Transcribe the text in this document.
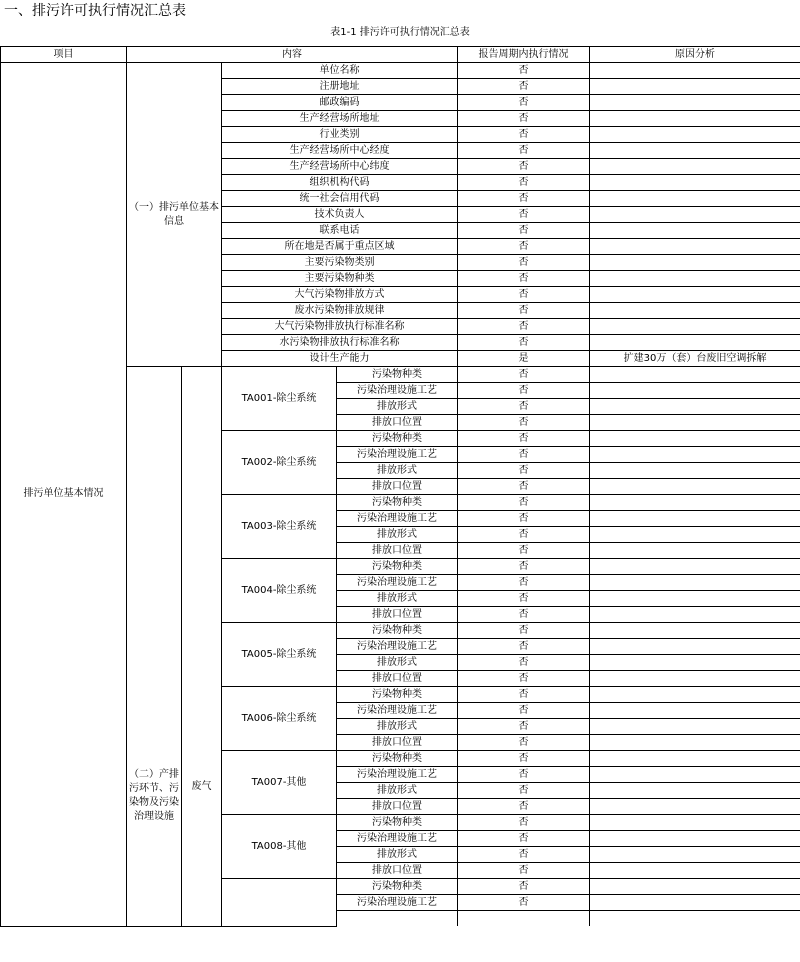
一、排污许可执行情况汇总表
表1-1 排污许可执行情况汇总表
项目	内容				报告周期内执行情况	原因分析
排污单位基本情况	（一）排污单位基本信息		单位名称		否	
			注册地址		否	
			邮政编码		否	
			生产经营场所地址		否	
			行业类别		否	
			生产经营场所中心经度		否	
			生产经营场所中心纬度		否	
			组织机构代码		否	
			统一社会信用代码		否	
			技术负责人		否	
			联系电话		否	
			所在地是否属于重点区域		否	
			主要污染物类别		否	
			主要污染物种类		否	
			大气污染物排放方式		否	
			废水污染物排放规律		否	
			大气污染物排放执行标准名称		否	
			水污染物排放执行标准名称		否	
			设计生产能力		是	扩建30万（套）台废旧空调拆解
	（二）产排污环节、污染物及污染治理设施	废气	TA001-除尘系统	污染物种类	否	
				污染治理设施工艺	否	
				排放形式	否	
				排放口位置	否	
			TA002-除尘系统	污染物种类	否	
				污染治理设施工艺	否	
				排放形式	否	
				排放口位置	否	
			TA003-除尘系统	污染物种类	否	
				污染治理设施工艺	否	
				排放形式	否	
				排放口位置	否	
			TA004-除尘系统	污染物种类	否	
				污染治理设施工艺	否	
				排放形式	否	
				排放口位置	否	
			TA005-除尘系统	污染物种类	否	
				污染治理设施工艺	否	
				排放形式	否	
				排放口位置	否	
			TA006-除尘系统	污染物种类	否	
				污染治理设施工艺	否	
				排放形式	否	
				排放口位置	否	
			TA007-其他	污染物种类	否	
				污染治理设施工艺	否	
				排放形式	否	
				排放口位置	否	
			TA008-其他	污染物种类	否	
				污染治理设施工艺	否	
				排放形式	否	
				排放口位置	否	
				污染物种类	否	
				污染治理设施工艺	否	
